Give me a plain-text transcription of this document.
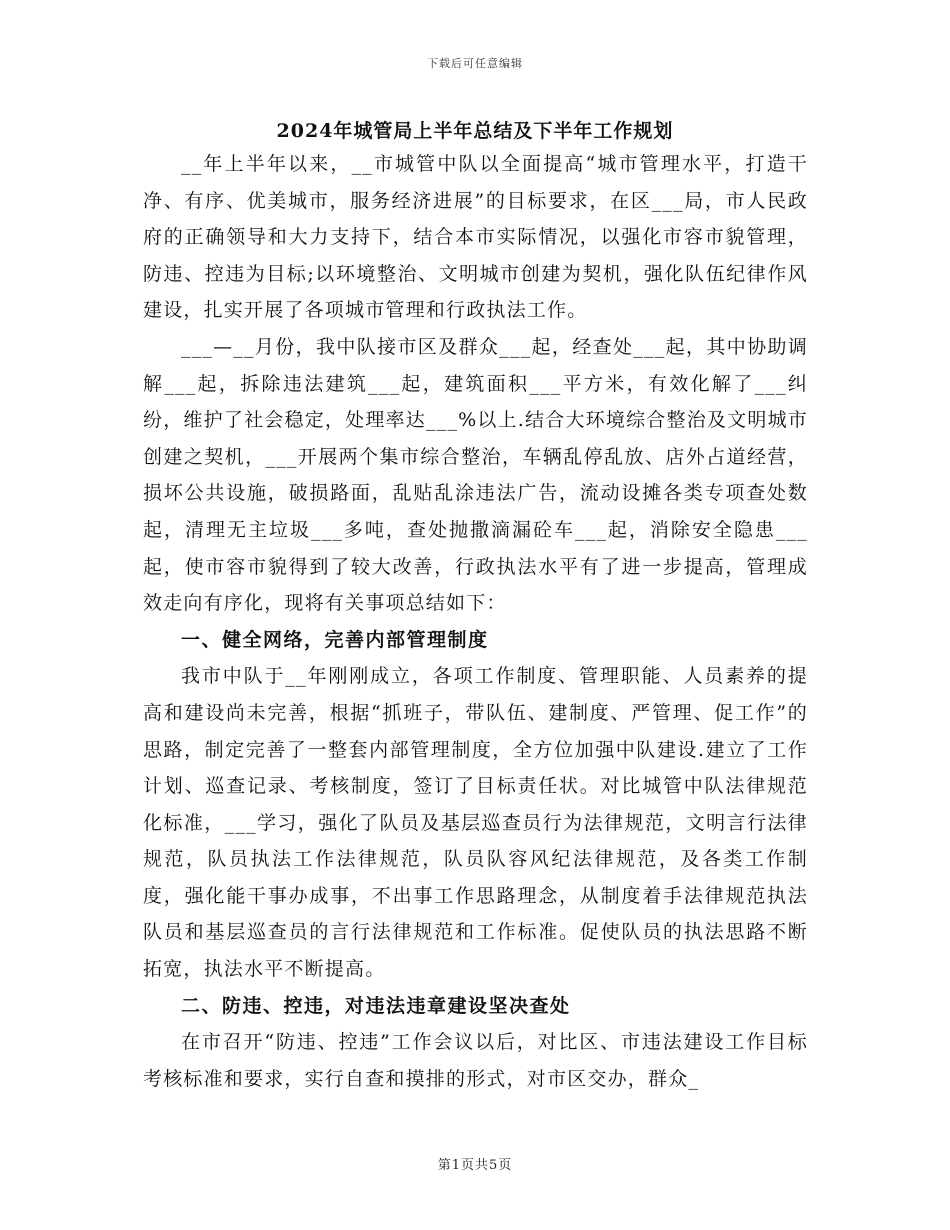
下载后可任意编辑
2024年城管局上半年总结及下半年工作规划

__年上半年以来，__市城管中队以全面提高“城市管理水平，打造干净、有序、优美城市，服务经济进展”的目标要求，在区___局，市人民政府的正确领导和大力支持下，结合本市实际情况，以强化市容市貌管理，防违、控违为目标;以环境整治、文明城市创建为契机，强化队伍纪律作风建设，扎实开展了各项城市管理和行政执法工作。

___—__月份，我中队接市区及群众___起，经查处___起，其中协助调解___起，拆除违法建筑___起，建筑面积___平方米，有效化解了___纠纷，维护了社会稳定，处理率达___%以上.结合大环境综合整治及文明城市创建之契机，___开展两个集市综合整治，车辆乱停乱放、店外占道经营，损坏公共设施，破损路面，乱贴乱涂违法广告，流动设摊各类专项查处数起，清理无主垃圾___多吨，查处抛撒滴漏砼车___起，消除安全隐患___起，使市容市貌得到了较大改善，行政执法水平有了进一步提高，管理成效走向有序化，现将有关事项总结如下：

一、健全网络，完善内部管理制度

我市中队于__年刚刚成立，各项工作制度、管理职能、人员素养的提高和建设尚未完善，根据“抓班子，带队伍、建制度、严管理、促工作”的思路，制定完善了一整套内部管理制度，全方位加强中队建设.建立了工作计划、巡查记录、考核制度，签订了目标责任状。对比城管中队法律规范化标准，___学习，强化了队员及基层巡查员行为法律规范，文明言行法律规范，队员执法工作法律规范，队员队容风纪法律规范，及各类工作制度，强化能干事办成事，不出事工作思路理念，从制度着手法律规范执法队员和基层巡查员的言行法律规范和工作标准。促使队员的执法思路不断拓宽，执法水平不断提高。

二、防违、控违，对违法违章建设坚决查处

在市召开“防违、控违”工作会议以后，对比区、市违法建设工作目标考核标准和要求，实行自查和摸排的形式，对市区交办，群众_

第1页共5页
